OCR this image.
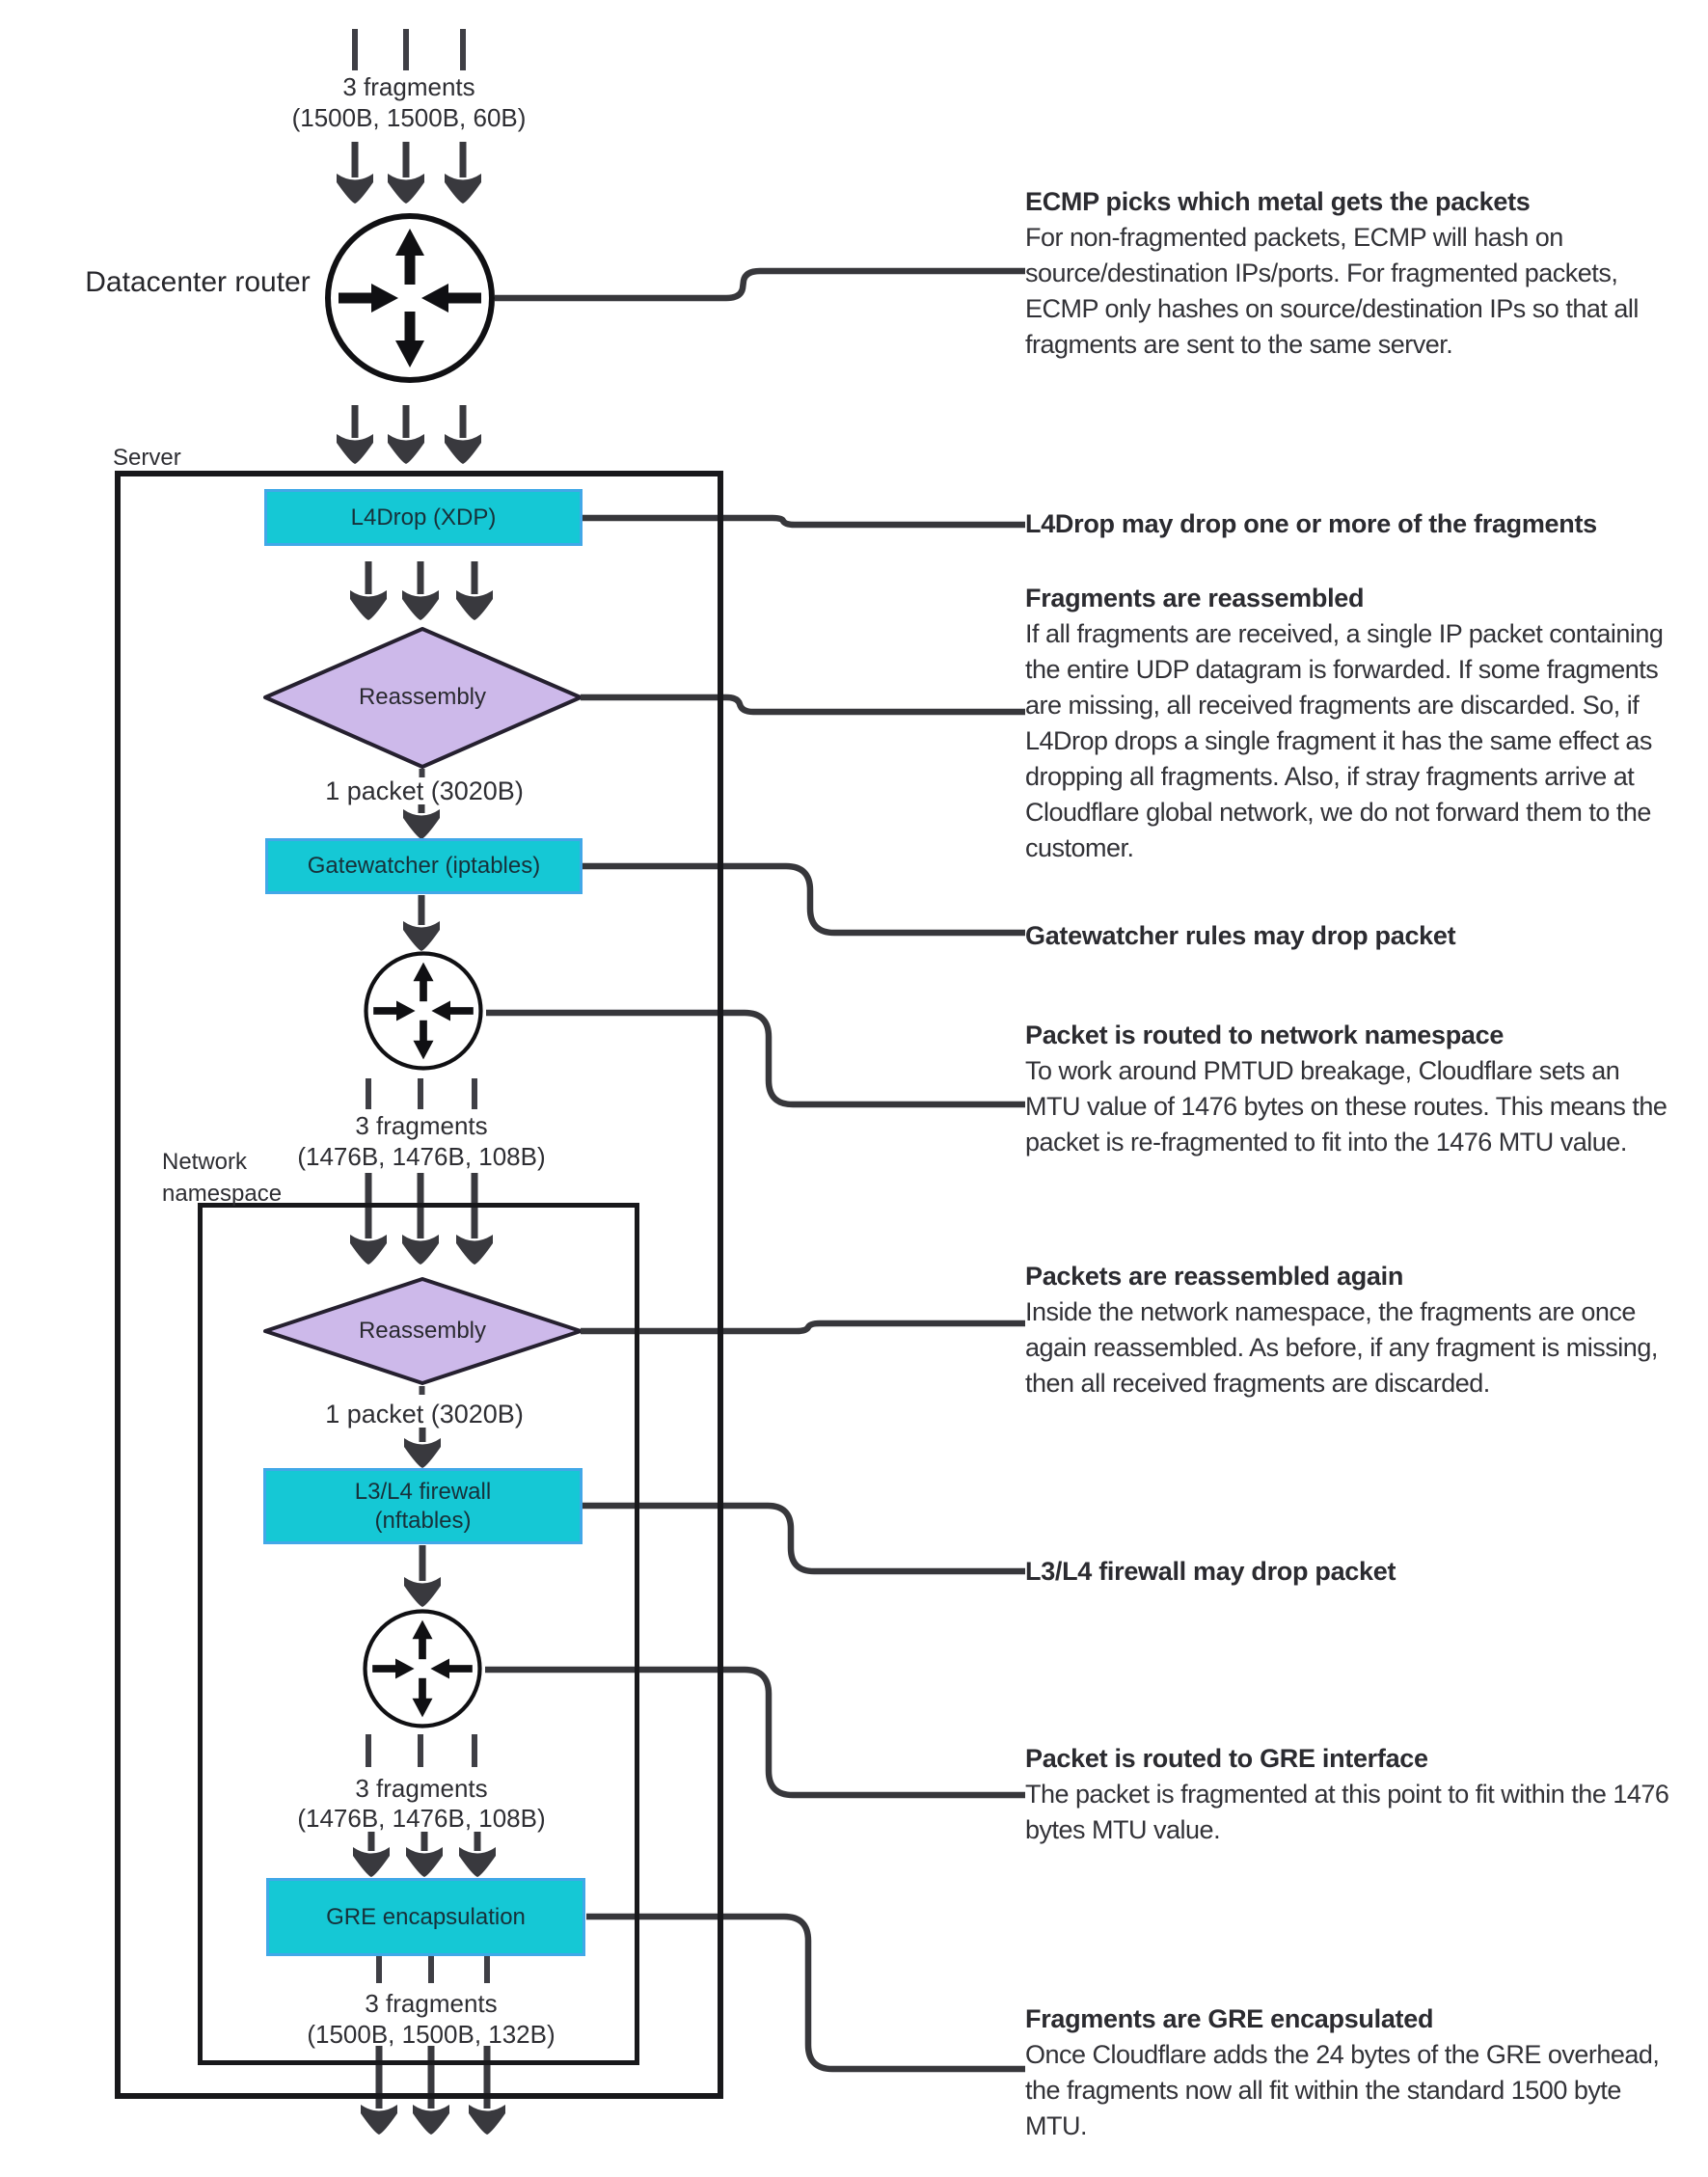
L4Drop (XDP)
Gatewatcher (iptables)
L3/L4 firewall
(nftables)
GRE encapsulation
Reassembly
Reassembly
3 fragments
(1500B, 1500B, 60B)
Datacenter router
Server
1 packet (3020B)
3 fragments
(1476B, 1476B, 108B)
Network namespace
1 packet (3020B)
3 fragments
(1476B, 1476B, 108B)
3 fragments
(1500B, 1500B, 132B)
ECMP picks which metal gets the packets
For non-fragmented packets, ECMP will hash on source/destination IPs/ports. For fragmented packets, ECMP only hashes on source/destination IPs so that all fragments are sent to the same server.
L4Drop may drop one or more of the fragments
Fragments are reassembled
If all fragments are received, a single IP packet containing the entire UDP datagram is forwarded. If some fragments are missing, all received fragments are discarded. So, if L4Drop drops a single fragment it has the same effect as dropping all fragments. Also, if stray fragments arrive at Cloudflare global network, we do not forward them to the customer.
Gatewatcher rules may drop packet
Packet is routed to network namespace
To work around PMTUD breakage, Cloudflare sets an MTU value of 1476 bytes on these routes. This means the packet is re-fragmented to fit into the 1476 MTU value.
Packets are reassembled again
Inside the network namespace, the fragments are once again reassembled. As before, if any fragment is missing, then all received fragments are discarded.
L3/L4 firewall may drop packet
Packet is routed to GRE interface
The packet is fragmented at this point to fit within the 1476 bytes MTU value.
Fragments are GRE encapsulated
Once Cloudflare adds the 24 bytes of the GRE overhead, the fragments now all fit within the standard 1500 byte MTU.
